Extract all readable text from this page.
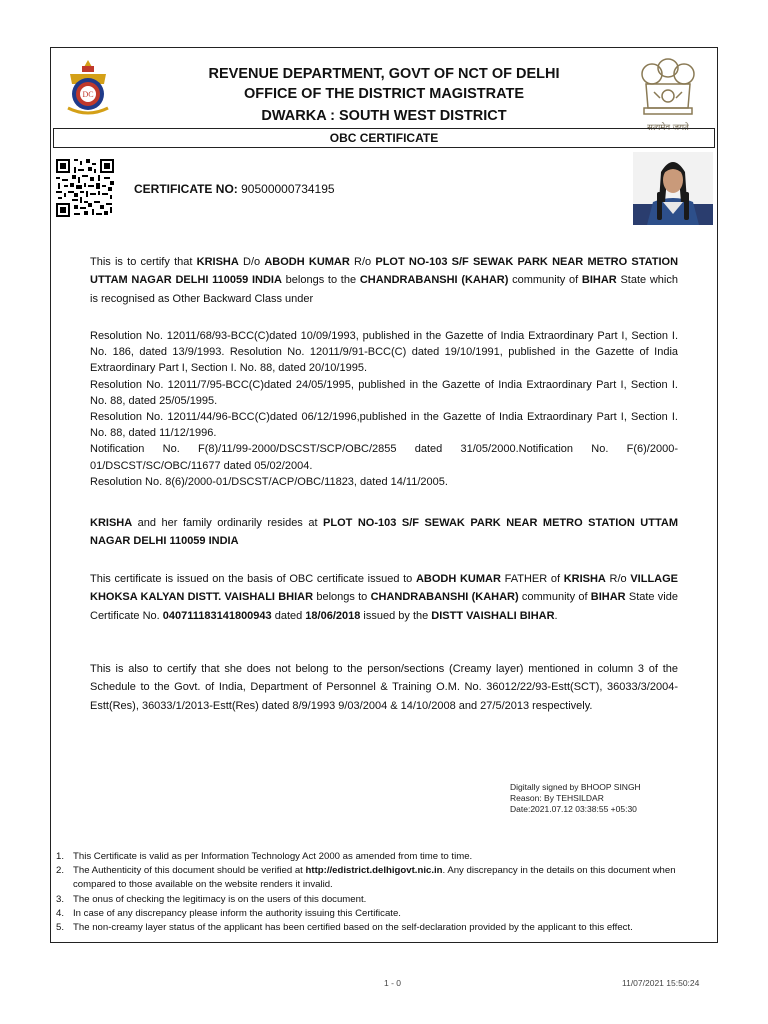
DC
सत्यमेव जयते
REVENUE DEPARTMENT, GOVT OF NCT OF DELHI
OFFICE OF THE DISTRICT MAGISTRATE
DWARKA : SOUTH WEST DISTRICT
OBC CERTIFICATE
CERTIFICATE NO: 90500000734195
This is to certify that KRISHA D/o ABODH KUMAR R/o PLOT NO-103 S/F SEWAK PARK NEAR METRO STATION UTTAM NAGAR DELHI 110059 INDIA belongs to the CHANDRABANSHI (KAHAR) community of BIHAR State which is recognised as Other Backward Class under
Resolution No. 12011/68/93-BCC(C)dated 10/09/1993, published in the Gazette of India Extraordinary Part I, Section I. No. 186, dated 13/9/1993. Resolution No. 12011/9/91-BCC(C) dated 19/10/1991, published in the Gazette of India Extraordinary Part I, Section I. No. 88, dated 20/10/1995.
Resolution No. 12011/7/95-BCC(C)dated 24/05/1995, published in the Gazette of India Extraordinary Part I, Section I. No. 88, dated 25/05/1995.
Resolution No. 12011/44/96-BCC(C)dated 06/12/1996,published in the Gazette of India Extraordinary Part I, Section I. No. 88, dated 11/12/1996.
Notification No. F(8)/11/99-2000/DSCST/SCP/OBC/2855 dated 31/05/2000.Notification No. F(6)/2000-01/DSCST/SC/OBC/11677 dated 05/02/2004.
Resolution No. 8(6)/2000-01/DSCST/ACP/OBC/11823, dated 14/11/2005.
KRISHA and her family ordinarily resides at PLOT NO-103 S/F SEWAK PARK NEAR METRO STATION UTTAM NAGAR DELHI 110059 INDIA
This certificate is issued on the basis of OBC certificate issued to ABODH KUMAR FATHER of KRISHA R/o VILLAGE KHOKSA KALYAN DISTT. VAISHALI BHIAR belongs to CHANDRABANSHI (KAHAR) community of BIHAR State vide Certificate No. 040711183141800943 dated 18/06/2018 issued by the DISTT VAISHALI BIHAR.
This is also to certify that she does not belong to the person/sections (Creamy layer) mentioned in column 3 of the Schedule to the Govt. of India, Department of Personnel & Training O.M. No. 36012/22/93-Estt(SCT), 36033/3/2004-Estt(Res), 36033/1/2013-Estt(Res) dated 8/9/1993 9/03/2004 & 14/10/2008 and 27/5/2013 respectively.
Digitally signed by BHOOP SINGH
Reason: By TEHSILDAR
Date:2021.07.12 03:38:55 +05:30
1. This Certificate is valid as per Information Technology Act 2000 as amended from time to time.
2. The Authenticity of this document should be verified at http://edistrict.delhigovt.nic.in. Any discrepancy in the details on this document when compared to those available on the website renders it invalid.
3. The onus of checking the legitimacy is on the users of this document.
4. In case of any discrepancy please inform the authority issuing this Certificate.
5. The non-creamy layer status of the applicant has been certified based on the self-declaration provided by the applicant to this effect.
1 - 0	11/07/2021 15:50:24
